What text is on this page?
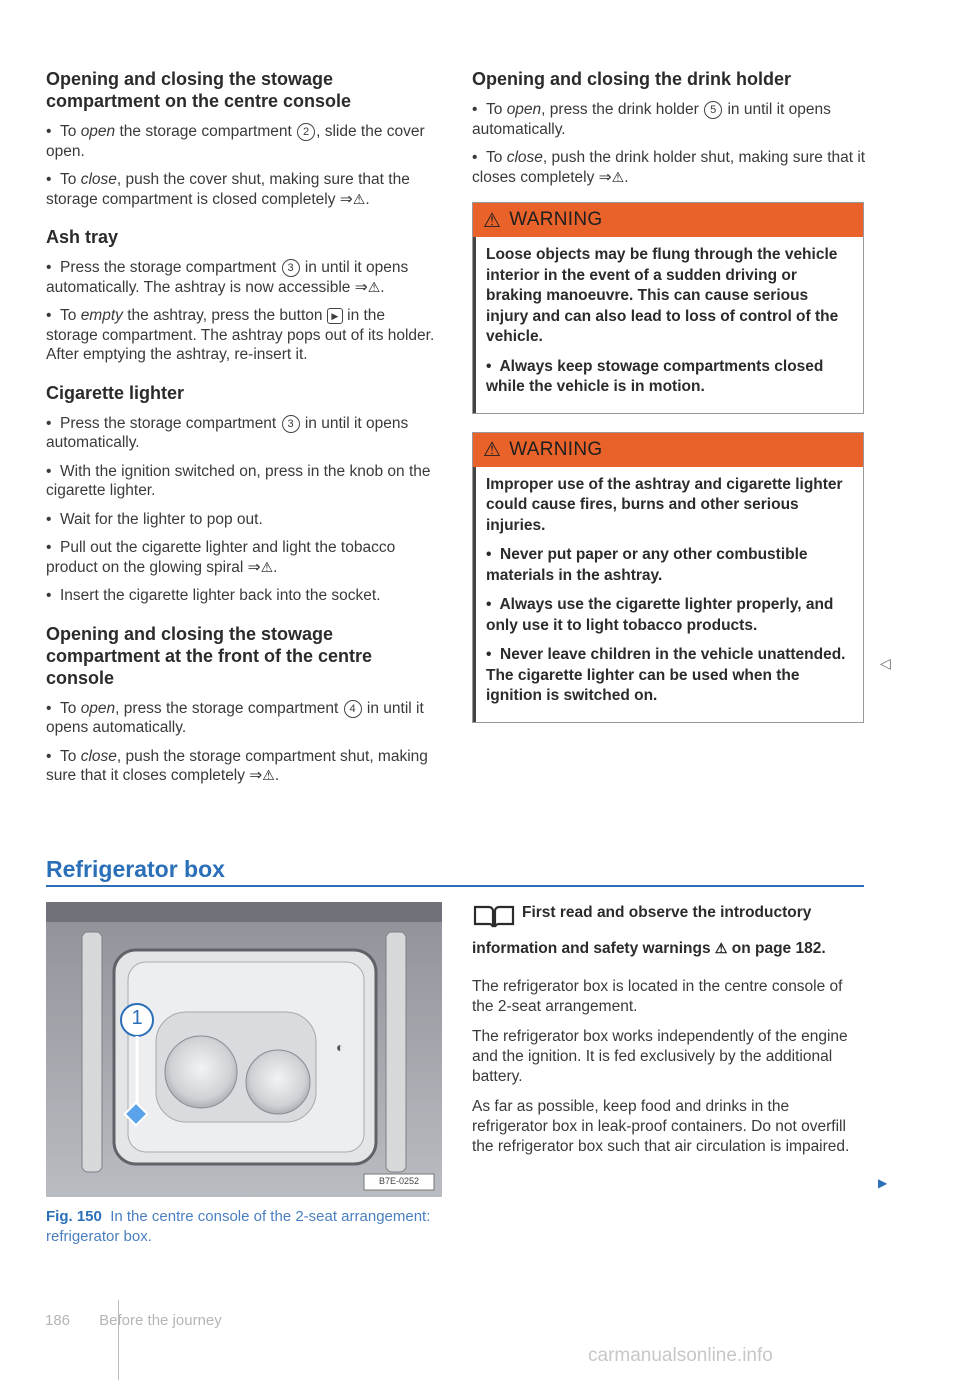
Opening and closing the stowage compartment on the centre console

• To open the storage compartment 2 , slide the cover open.

• To close, push the cover shut, making sure that the storage compartment is closed completely ⇒⚠.

Ash tray

• Press the storage compartment 3 in until it opens automatically. The ashtray is now accessible ⇒⚠.

• To empty the ashtray, press the button ▶ in the storage compartment. The ashtray pops out of its holder. After emptying the ashtray, re-insert it.

Cigarette lighter

• Press the storage compartment 3 in until it opens automatically.

• With the ignition switched on, press in the knob on the cigarette lighter.

• Wait for the lighter to pop out.

• Pull out the cigarette lighter and light the tobacco product on the glowing spiral ⇒⚠.

• Insert the cigarette lighter back into the socket.

Opening and closing the stowage compartment at the front of the centre console

• To open, press the storage compartment 4 in until it opens automatically.

• To close, push the storage compartment shut, making sure that it closes completely ⇒⚠.

Opening and closing the drink holder

• To open, press the drink holder 5 in until it opens automatically.

• To close, push the drink holder shut, making sure that it closes completely ⇒⚠.

⚠ WARNING

Loose objects may be flung through the vehicle interior in the event of a sudden driving or braking manoeuvre. This can cause serious injury and can also lead to loss of control of the vehicle.

•  Always keep stowage compartments closed while the vehicle is in motion.

⚠ WARNING

Improper use of the ashtray and cigarette lighter could cause fires, burns and other serious injuries.

•  Never put paper or any other combustible materials in the ashtray.

•  Always use the cigarette lighter properly, and only use it to light tobacco products.

•  Never leave children in the vehicle unattended. The cigarette lighter can be used when the ignition is switched on.

◁
Refrigerator box
◐
1
B7E-0252
Fig. 150 In the centre console of the 2-seat arrangement: refrigerator box.
First read and observe the introductory information and safety warnings ⚠ on page 182.

The refrigerator box is located in the centre console of the 2-seat arrangement.

The refrigerator box works independently of the engine and the ignition. It is fed exclusively by the additional battery.

As far as possible, keep food and drinks in the refrigerator box in leak-proof containers. Do not overfill the refrigerator box such that air circulation is impaired.

▶
186 Before the journey
carmanualsonline.info
